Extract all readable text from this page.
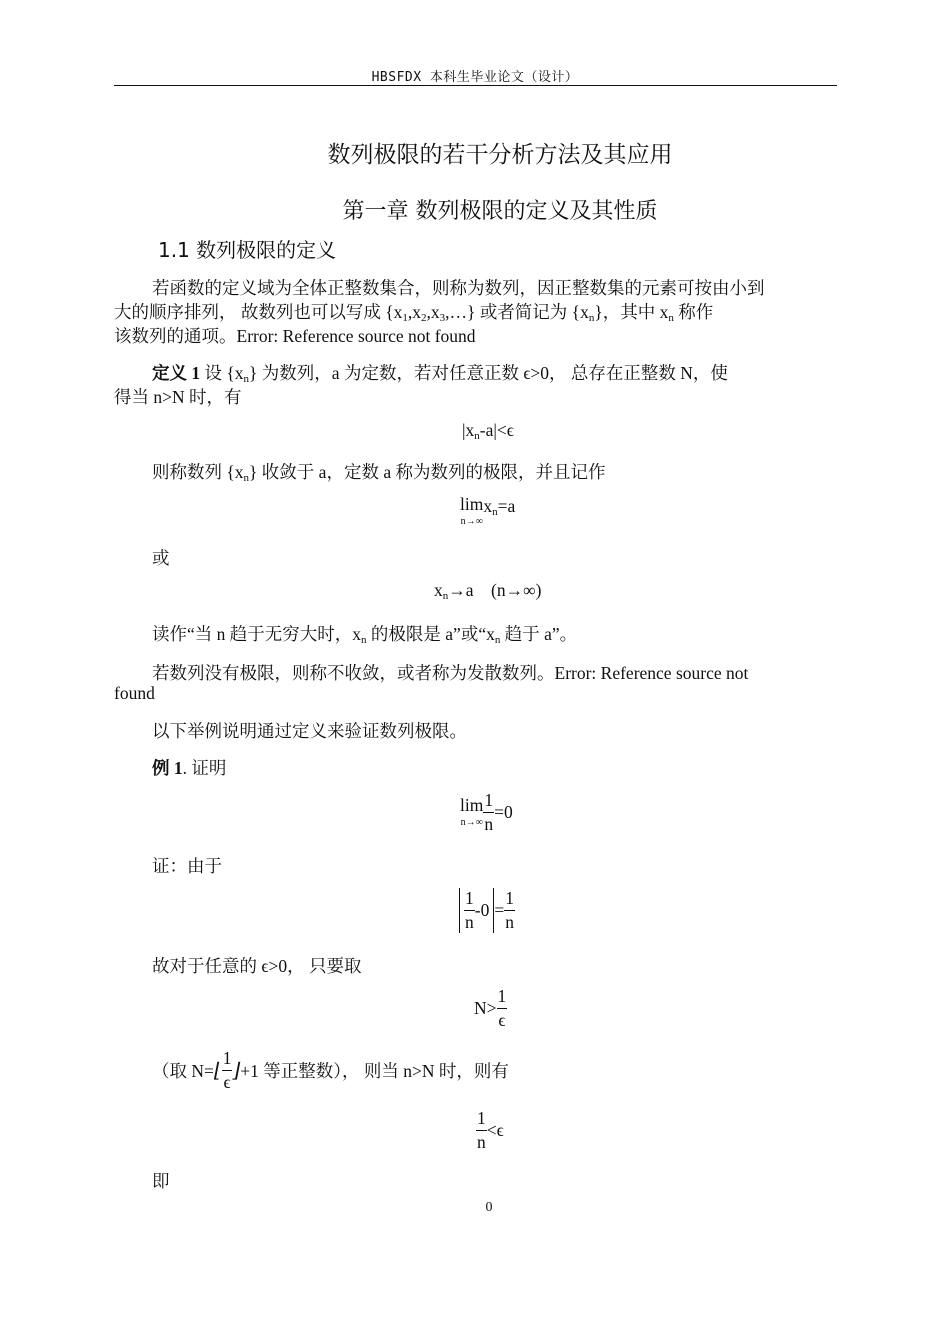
HBSFDX 本科生毕业论文（设计）
数列极限的若干分析方法及其应用
第一章 数列极限的定义及其性质
1.1 数列极限的定义
若函数的定义域为全体正整数集合，则称为数列，因正整数集的元素可按由小到
大的顺序排列， 故数列也可以写成 $\{x_1,x_2,x_3,\dots\}$ 或者简记为 $\{x_n\}$，其中 $x_n$ 称作
该数列的通项。Error: Reference source not found
定义 1 设 $\{x_n\}$ 为数列，a 为定数，若对任意正数 ϵ>0， 总存在正整数 N，使
得当 n>N 时，有
$|x_n-a|<\epsilon$
则称数列 $\{x_n\}$ 收敛于 a，定数 a 称为数列的极限，并且记作
lim
n→∞
$x_n=a$
或
$x_n\to a$    (n→∞)
读作“当 n 趋于无穷大时，$x_n$ 的极限是 a”或“$x_n$ 趋于 a”。
若数列没有极限，则称不收敛，或者称为发散数列。Error: Reference source not
found
以下举例说明通过定义来验证数列极限。
例 1. 证明
lim
$n\to\infty \frac{1}{n} =0$
证：由于
$\frac{1}{n} -0 = \frac{1}{n}$
故对于任意的 ϵ>0， 只要取
$N> \frac{1}{\epsilon}$
（取 N=⌊ $\frac{1}{\epsilon}$ ⌋+1 等正整数）， 则当 n>N 时，则有
$\frac{1}{n} <\epsilon$
即
0
